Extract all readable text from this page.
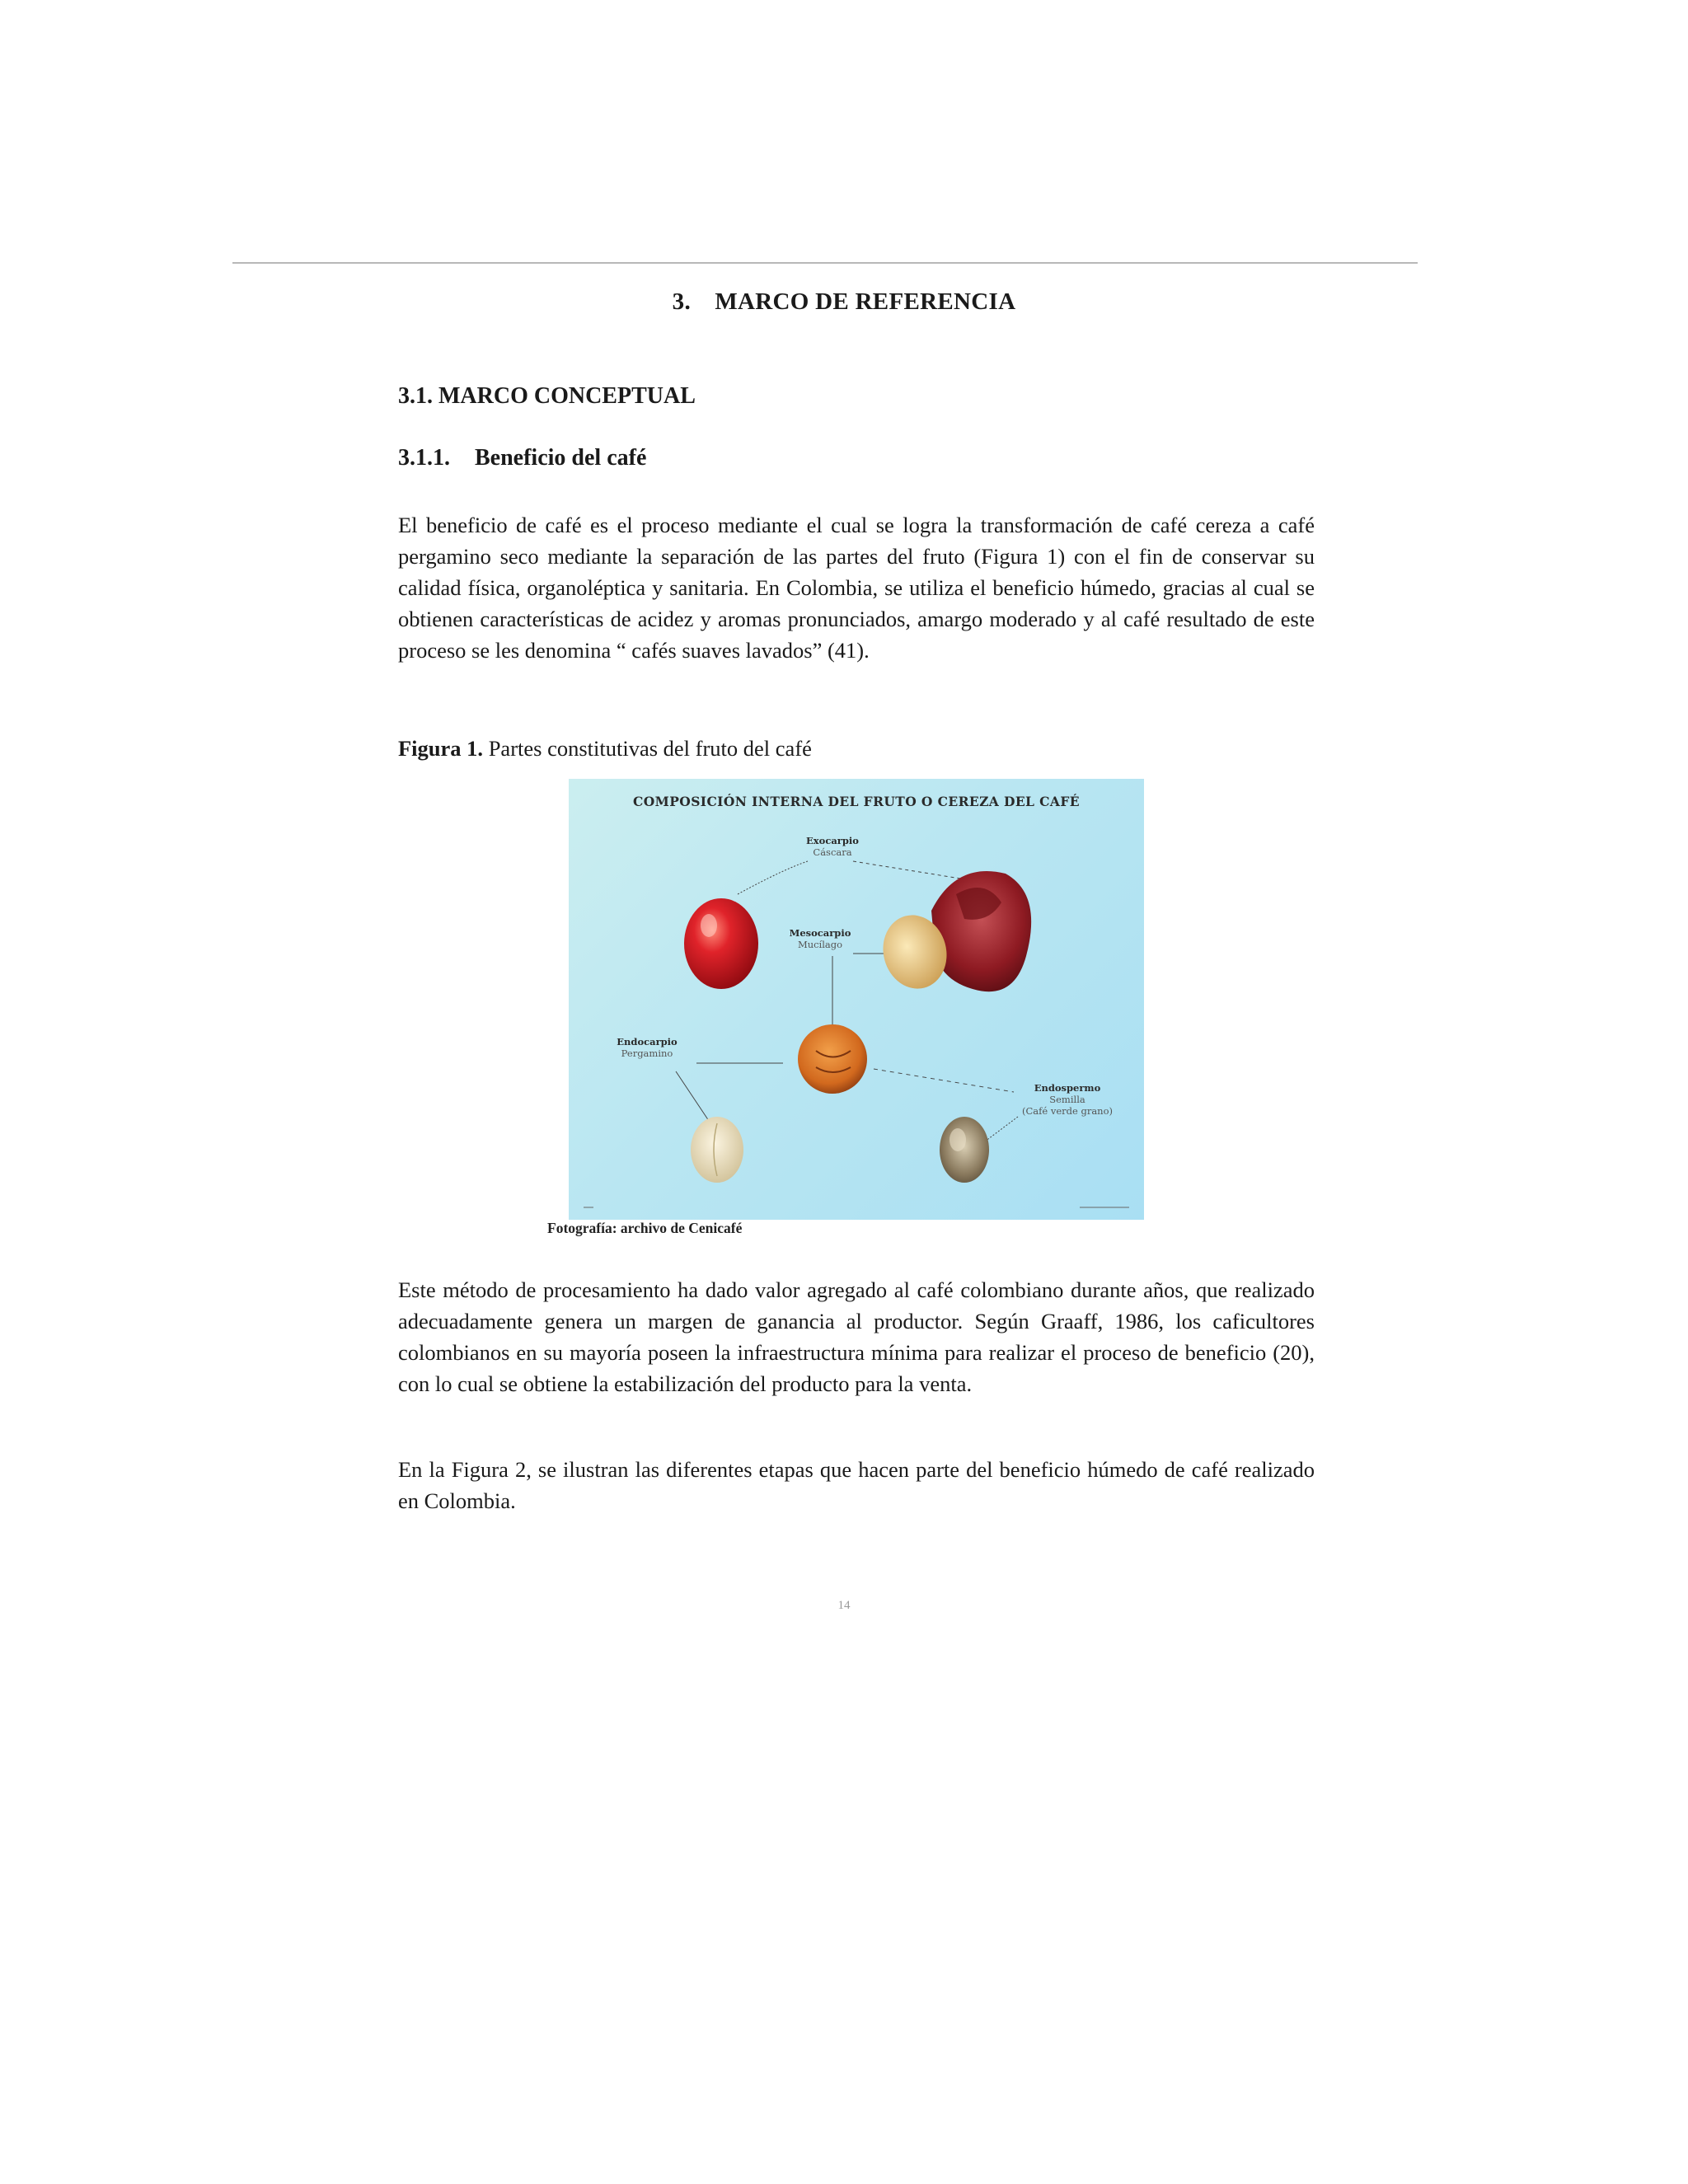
3. MARCO DE REFERENCIA
3.1. MARCO CONCEPTUAL
3.1.1. Beneficio del café

El beneficio de café es el proceso mediante el cual se logra la transformación de café cereza a café pergamino seco mediante la separación de las partes del fruto (Figura 1) con el fin de conservar su calidad física, organoléptica y sanitaria. En Colombia, se utiliza el beneficio húmedo, gracias al cual se obtienen características de acidez y aromas pronunciados, amargo moderado y al café resultado de este proceso se les denomina “ cafés suaves lavados” (41).

Figura 1. Partes constitutivas del fruto del café
COMPOSICIÓN INTERNA DEL FRUTO O CEREZA DEL CAFÉ
Exocarpio
Cáscara
Mesocarpio
Mucílago
Endocarpio
Pergamino
Endospermo
Semilla
(Café verde grano)
Fotografía: archivo de Cenicafé

Este método de procesamiento ha dado valor agregado al café colombiano durante años, que realizado adecuadamente genera un margen de ganancia al productor. Según Graaff, 1986, los caficultores colombianos en su mayoría poseen la infraestructura mínima para realizar el proceso de beneficio (20), con lo cual se obtiene la estabilización del producto para la venta.

En la Figura 2, se ilustran las diferentes etapas que hacen parte del beneficio húmedo de café realizado en Colombia.

14
